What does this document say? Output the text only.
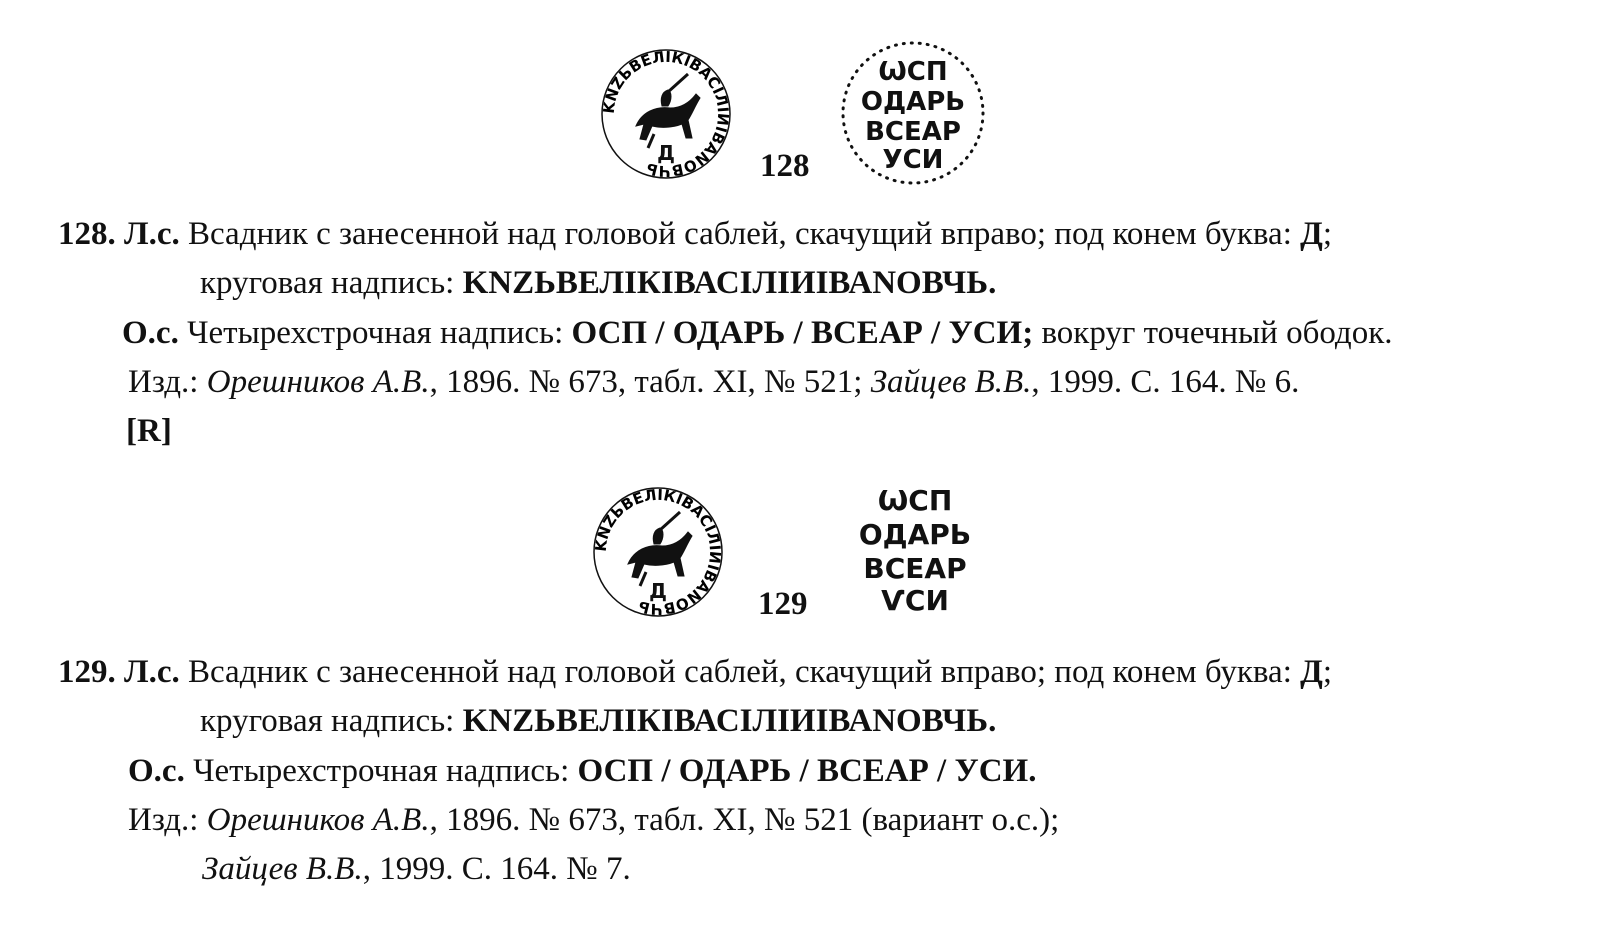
KNZЬВЕЛIКIВАСIЛIИIВАNОВЧЬ
Д	128
ѠСП
ОДАРЬ
ВСЕАР
УСИ
128. Л.с. Всадник с занесенной над головой саблей, скачущий вправо; под конем буква: Д;
круговая надпись: KNZЬВЕЛIКIВАСIЛIИIВАNОВЧЬ.
О.с. Четырехстрочная надпись: ОСП / ОДАРЬ / ВСЕАР / УСИ; вокруг точечный ободок.
Изд.: Орешников А.В., 1896. № 673, табл. XI, № 521; Зайцев В.В., 1999. С. 164. № 6.
[R]
KNZЬВЕЛIКIВАСIЛIИIВАNОВЧЬ
Д	129
ѠСП
ОДАРЬ
ВСЕАР
ѴСИ
129. Л.с. Всадник с занесенной над головой саблей, скачущий вправо; под конем буква: Д;
круговая надпись: KNZЬВЕЛIКIВАСIЛIИIВАNОВЧЬ.
О.с. Четырехстрочная надпись: ОСП / ОДАРЬ / ВСЕАР / УСИ.
Изд.: Орешников А.В., 1896. № 673, табл. XI, № 521 (вариант о.с.);
Зайцев В.В., 1999. С. 164. № 7.
